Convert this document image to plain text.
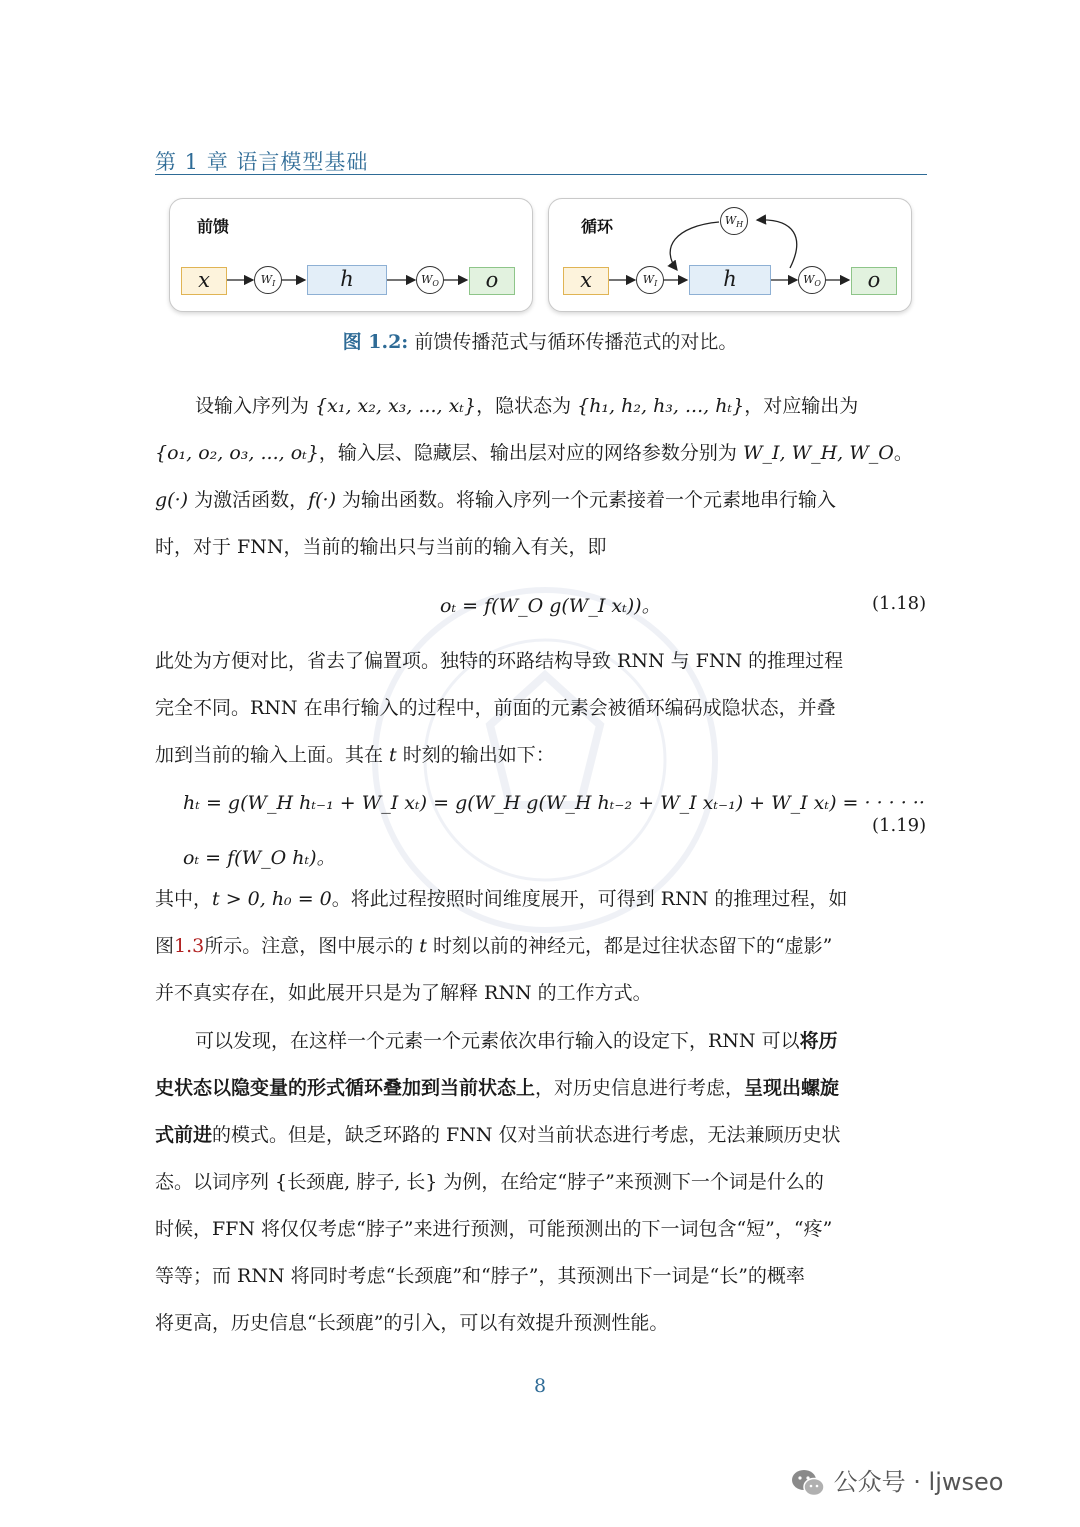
第 1 章 语言模型基础
前馈
x	$W_I$	h	$W_O$	o
循环
x	$W_I$
$W_H$
h	$W_O$	o
图 1.2: 前馈传播范式与循环传播范式的对比。
设输入序列为 {x₁, x₂, x₃, ..., xₜ}，隐状态为 {h₁, h₂, h₃, ..., hₜ}，对应输出为
{o₁, o₂, o₃, ..., oₜ}，输入层、隐藏层、输出层对应的网络参数分别为 W_I, W_H, W_O。
g(·) 为激活函数，f(·) 为输出函数。将输入序列一个元素接着一个元素地串行输入
时，对于 FNN，当前的输出只与当前的输入有关，即
oₜ = f(W_O g(W_I xₜ))。	(1.18)
此处为方便对比，省去了偏置项。独特的环路结构导致 RNN 与 FNN 的推理过程
完全不同。RNN 在串行输入的过程中，前面的元素会被循环编码成隐状态，并叠
加到当前的输入上面。其在 t 时刻的输出如下：
hₜ = g(W_H hₜ₋₁ + W_I xₜ) = g(W_H g(W_H hₜ₋₂ + W_I xₜ₋₁) + W_I xₜ) = · · · · ··
oₜ = f(W_O hₜ)。
(1.19)
其中，t > 0, h₀ = 0。将此过程按照时间维度展开，可得到 RNN 的推理过程，如
图1.3所示。注意，图中展示的 t 时刻以前的神经元，都是过往状态留下的“虚影”
并不真实存在，如此展开只是为了解释 RNN 的工作方式。
可以发现，在这样一个元素一个元素依次串行输入的设定下，RNN 可以将历
史状态以隐变量的形式循环叠加到当前状态上，对历史信息进行考虑，呈现出螺旋
式前进的模式。但是，缺乏环路的 FNN 仅对当前状态进行考虑，无法兼顾历史状
态。以词序列 {长颈鹿, 脖子, 长} 为例，在给定“脖子”来预测下一个词是什么的
时候，FFN 将仅仅考虑“脖子”来进行预测，可能预测出的下一词包含“短”，“疼”
等等；而 RNN 将同时考虑“长颈鹿”和“脖子”，其预测出下一词是“长”的概率
将更高，历史信息“长颈鹿”的引入，可以有效提升预测性能。
8
公众号 · ljwseo
